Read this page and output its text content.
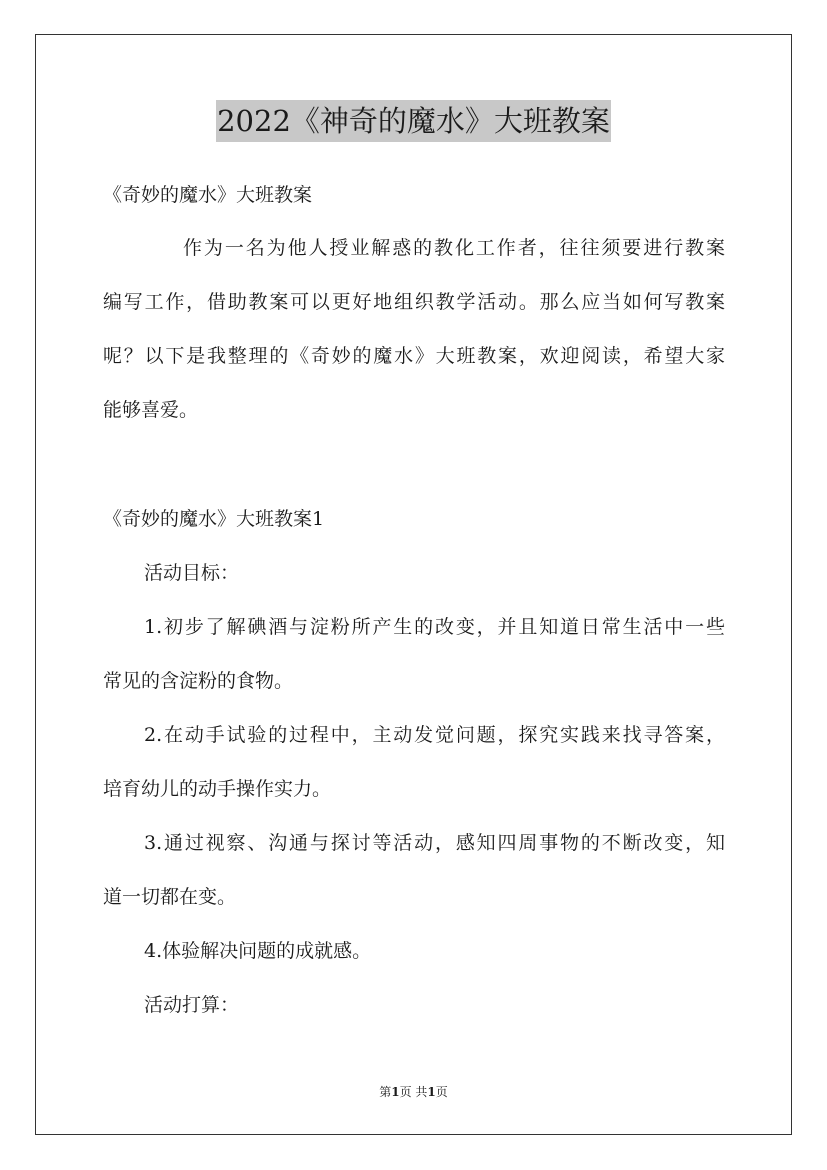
2022《神奇的魔水》大班教案
《奇妙的魔水》大班教案
作为一名为他人授业解惑的教化工作者，往往须要进行教案
编写工作，借助教案可以更好地组织教学活动。那么应当如何写教案
呢？以下是我整理的《奇妙的魔水》大班教案，欢迎阅读，希望大家
能够喜爱。
《奇妙的魔水》大班教案1
活动目标：
1.初步了解碘酒与淀粉所产生的改变，并且知道日常生活中一些
常见的含淀粉的食物。
2.在动手试验的过程中，主动发觉问题，探究实践来找寻答案，
培育幼儿的动手操作实力。
3.通过视察、沟通与探讨等活动，感知四周事物的不断改变，知
道一切都在变。
4.体验解决问题的成就感。
活动打算：
第1页 共1页
